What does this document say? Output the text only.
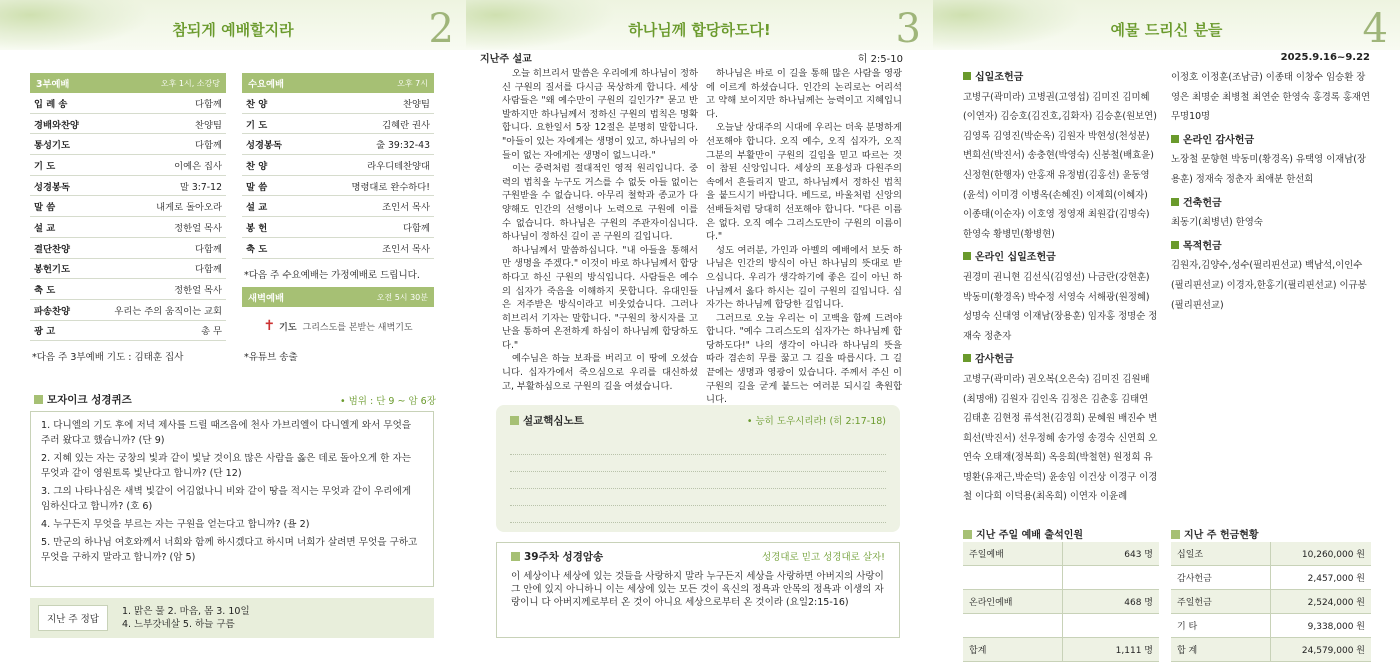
참되게 예배할지라	2
3부예배	오후 1시, 소강당
입 례 송	다함께
경배와찬양	찬양팀
통성기도	다함께
기 도	이예은 집사
성경봉독	말 3:7-12
말 씀	내게로 돌아오라
설 교	정한얼 목사
결단찬양	다함께
봉헌기도	다함께
축 도	정한얼 목사
파송찬양	우리는 주의 움직이는 교회
광 고	총 무
*다음 주 3부예배 기도 : 김태훈 집사
수요예배	오후 7시
찬 양	찬양팀
기 도	김혜란 권사
성경봉독	출 39:32-43
찬 양	라우디테찬양대
말 씀	명령대로 완수하다!
설 교	조인서 목사
봉 헌	다함께
축 도	조인서 목사
*다음 주 수요예배는 가정예배로 드립니다.
새벽예배	오전 5시 30분
✝ 기도 그리스도를 본받는 새벽기도
*유튜브 송출
모자이크 성경퀴즈	• 범위 : 단 9 ~ 암 6장
1. 다니엘의 기도 후에 저녁 제사를 드릴 때즈음에 천사 가브리엘이 다니엘게 와서 무엇을 주러 왔다고 했습니까? (단 9)
2. 지혜 있는 자는 궁창의 빛과 같이 빛날 것이요 많은 사람을 옳은 데로 돌아오게 한 자는 무엇과 같이 영원토록 빛난다고 합니까? (단 12)
3. 그의 나타나심은 새벽 빛같이 어김없나니 비와 같이 땅을 적시는 무엇과 같이 우리에게 임하신다고 합니까? (호 6)
4. 누구든지 무엇을 부르는 자는 구원을 얻는다고 합니까? (욜 2)
5. 만군의 하나님 여호와께서 너희와 함께 하시겠다고 하시며 너희가 살려면 무엇을 구하고 무엇을 구하지 말라고 합니까? (암 5)
지난 주 정답
1. 맑은 물 2. 마음, 몸 3. 10일
4. 느부갓네살 5. 하늘 구름
하나님께 합당하도다!	3
지난주 설교	히 2:5-10

오늘 히브리서 말씀은 우리에게 하나님이 정하신 구원의 질서를 다시금 묵상하게 합니다. 세상 사람들은 "왜 예수만이 구원의 길인가?" 묻고 반발하지만 하나님께서 정하신 구원의 법칙은 명확합니다. 요한일서 5장 12절은 분명히 말합니다. "아들이 있는 자에게는 생명이 있고, 하나님의 아들이 없는 자에게는 생명이 없느니라."

이는 중력처럼 절대적인 영적 원리입니다. 중력의 법칙을 누구도 거스를 수 없듯 아들 없이는 구원받을 수 없습니다. 아무리 철학과 종교가 다양해도 인간의 선행이나 노력으로 구원에 이를 수 없습니다. 하나님은 구원의 주관자이십니다. 하나님이 정하신 길이 곧 구원의 길입니다.

하나님께서 말씀하십니다. "내 아들을 통해서만 생명을 주겠다." 이것이 바로 하나님께서 합당하다고 하신 구원의 방식입니다. 사람들은 예수의 십자가 죽음을 이해하지 못합니다. 유대인들은 저주받은 방식이라고 비웃었습니다. 그러나 히브리서 기자는 말합니다. "구원의 창시자를 고난을 통하여 온전하게 하심이 하나님께 합당하도다."

예수님은 하늘 보좌를 버리고 이 땅에 오셨습니다. 십자가에서 죽으심으로 우리를 대신하셨고, 부활하심으로 구원의 길을 여셨습니다.

하나님은 바로 이 길을 통해 많은 사람을 영광에 이르게 하셨습니다. 인간의 논리로는 어리석고 약해 보이지만 하나님께는 능력이고 지혜입니다.

오늘날 상대주의 시대에 우리는 더욱 분명하게 선포해야 합니다. 오직 예수, 오직 십자가, 오직 그분의 부활만이 구원의 길임을 믿고 따르는 것이 참된 신앙입니다. 세상의 포용성과 다원주의 속에서 흔들리지 말고, 하나님께서 정하신 법칙을 붙드시기 바랍니다. 베드로, 바울처럼 신앙의 선배들처럼 당대히 선포해야 합니다. "다른 이름은 없다. 오직 예수 그리스도만이 구원의 이름이다."

성도 여러분, 가인과 아벨의 예배에서 보듯 하나님은 인간의 방식이 아닌 하나님의 뜻대로 받으십니다. 우리가 생각하기에 좋은 길이 아닌 하나님께서 옳다 하시는 길이 구원의 길입니다. 십자가는 하나님께 합당한 길입니다.

그러므로 오늘 우리는 이 고백을 함께 드려야 합니다. "예수 그리스도의 십자가는 하나님께 합당하도다!" 나의 생각이 아니라 하나님의 뜻을 따라 겸손히 무릎 꿇고 그 길을 따릅시다. 그 길 끝에는 생명과 영광이 있습니다. 주께서 주신 이 구원의 길을 굳게 붙드는 여러분 되시길 축원합니다.

설교핵심노트	• 능히 도우시리라! (히 2:17-18)
39주차 성경암송	성경대로 믿고 성경대로 살자!
이 세상이나 세상에 있는 것들을 사랑하지 말라 누구든지 세상을 사랑하면 아버지의 사랑이 그 안에 있지 아니하니 이는 세상에 있는 모든 것이 육신의 정욕과 안목의 정욕과 이생의 자랑이니 다 아버지께로부터 온 것이 아니요 세상으로부터 온 것이라 (요일2:15-16)
예물 드리신 분들	4
2025.9.16~9.22
십일조헌금
고병구(곽미라) 고병권(고영섭) 김미진 김미혜(이연자) 김승호(김진호,김화자) 김승훈(원보연) 김영록 김영진(박순옥) 김원자 박현성(천성분) 변희선(박진서) 송충현(박영숙) 신봉철(배효윤) 신정현(한행자) 안홍재 유정범(김홍선) 윤동영(윤석) 이미경 이병옥(손혜진) 이제희(이혜자) 이종태(이순자) 이호영 정영재 최원갑(김명숙) 한영숙 황병민(황병현)
온라인 십일조헌금
권경미 권니현 김선식(김영선) 나금란(강현훈) 박동미(황경옥) 박수정 서영숙 서해광(원정혜) 성명숙 신대영 이재남(장용훈) 임자홍 정명순 정재숙 정춘자
감사헌금
고병구(곽미라) 권오복(오은숙) 김미진 김원배(최명애) 김원자 김인옥 김정은 김춘홍 김태연 김태훈 김현정 류석천(김경희) 문혜원 배진수 변희선(박진서) 선우정혜 송가영 송경숙 신연희 오연숙 오태재(정복희) 옥응희(박철현) 원정희 유명환(유재근,박순덕) 윤송임 이건상 이경구 이경철 이다희 이덕용(최옥희) 이연자 이윤례
이정호 이정훈(조남금) 이종태 이창수 임승환 장영은 최명순 최병철 최연순 한영숙 홍경록 홍재연 무명10명
온라인 감사헌금
노장철 문향현 박동미(황경옥) 유택영 이재남(장용훈) 정재숙 정춘자 최애분 한선희
건축헌금
최동기(최병년) 한영숙
목적헌금
김원자,김양수,성수(필리핀선교) 백남석,이인수(필리핀선교) 이경자,한홍기(필리핀선교) 이규봉(필리핀선교)
지난 주일 예배 출석인원
주일예배	643 명
온라인예배	468 명
합계	1,111 명
지난 주 헌금현황
십일조	10,260,000 원
감사헌금	2,457,000 원
주일헌금	2,524,000 원
기 타	9,338,000 원
합 계	24,579,000 원
